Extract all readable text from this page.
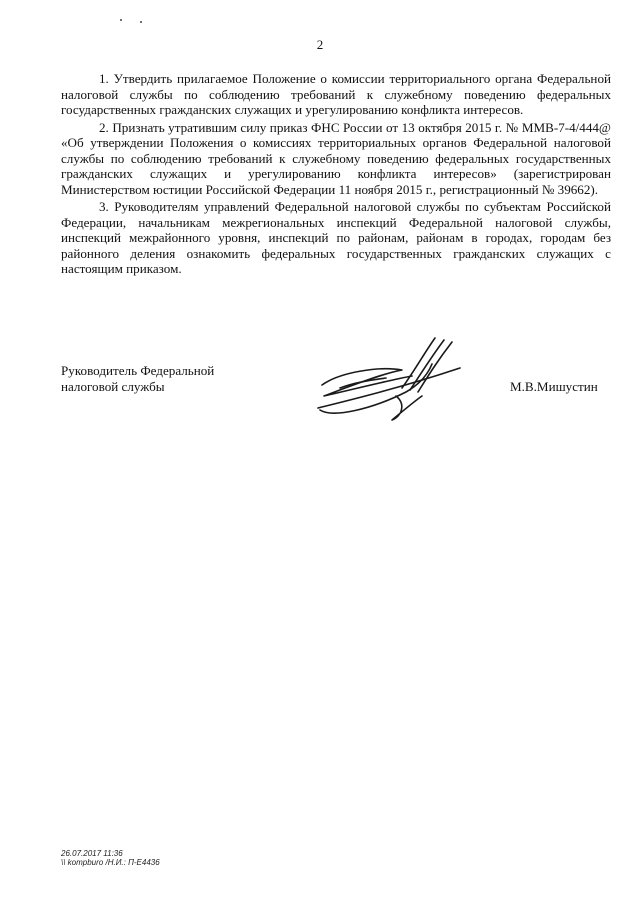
2

1. Утвердить прилагаемое Положение о комиссии территориального органа Федеральной налоговой службы по соблюдению требований к служебному поведению федеральных государственных гражданских служащих и урегулированию конфликта интересов.

2. Признать утратившим силу приказ ФНС России от 13 октября 2015 г. № ММВ-7-4/444@ «Об утверждении Положения о комиссиях территориальных органов Федеральной налоговой службы по соблюдению требований к служебному поведению федеральных государственных гражданских служащих и урегулированию конфликта интересов» (зарегистрирован Министерством юстиции Российской Федерации 11 ноября 2015 г., регистрационный № 39662).

3. Руководителям управлений Федеральной налоговой службы по субъектам Российской Федерации, начальникам межрегиональных инспекций Федеральной налоговой службы, инспекций межрайонного уровня, инспекций по районам, районам в городах, городам без районного деления ознакомить федеральных государственных гражданских служащих с настоящим приказом.

Руководитель Федеральной
налоговой службы	М.В.Мишустин
26.07.2017 11:36
\\ kompburo /Н.И.: П-Е4436
